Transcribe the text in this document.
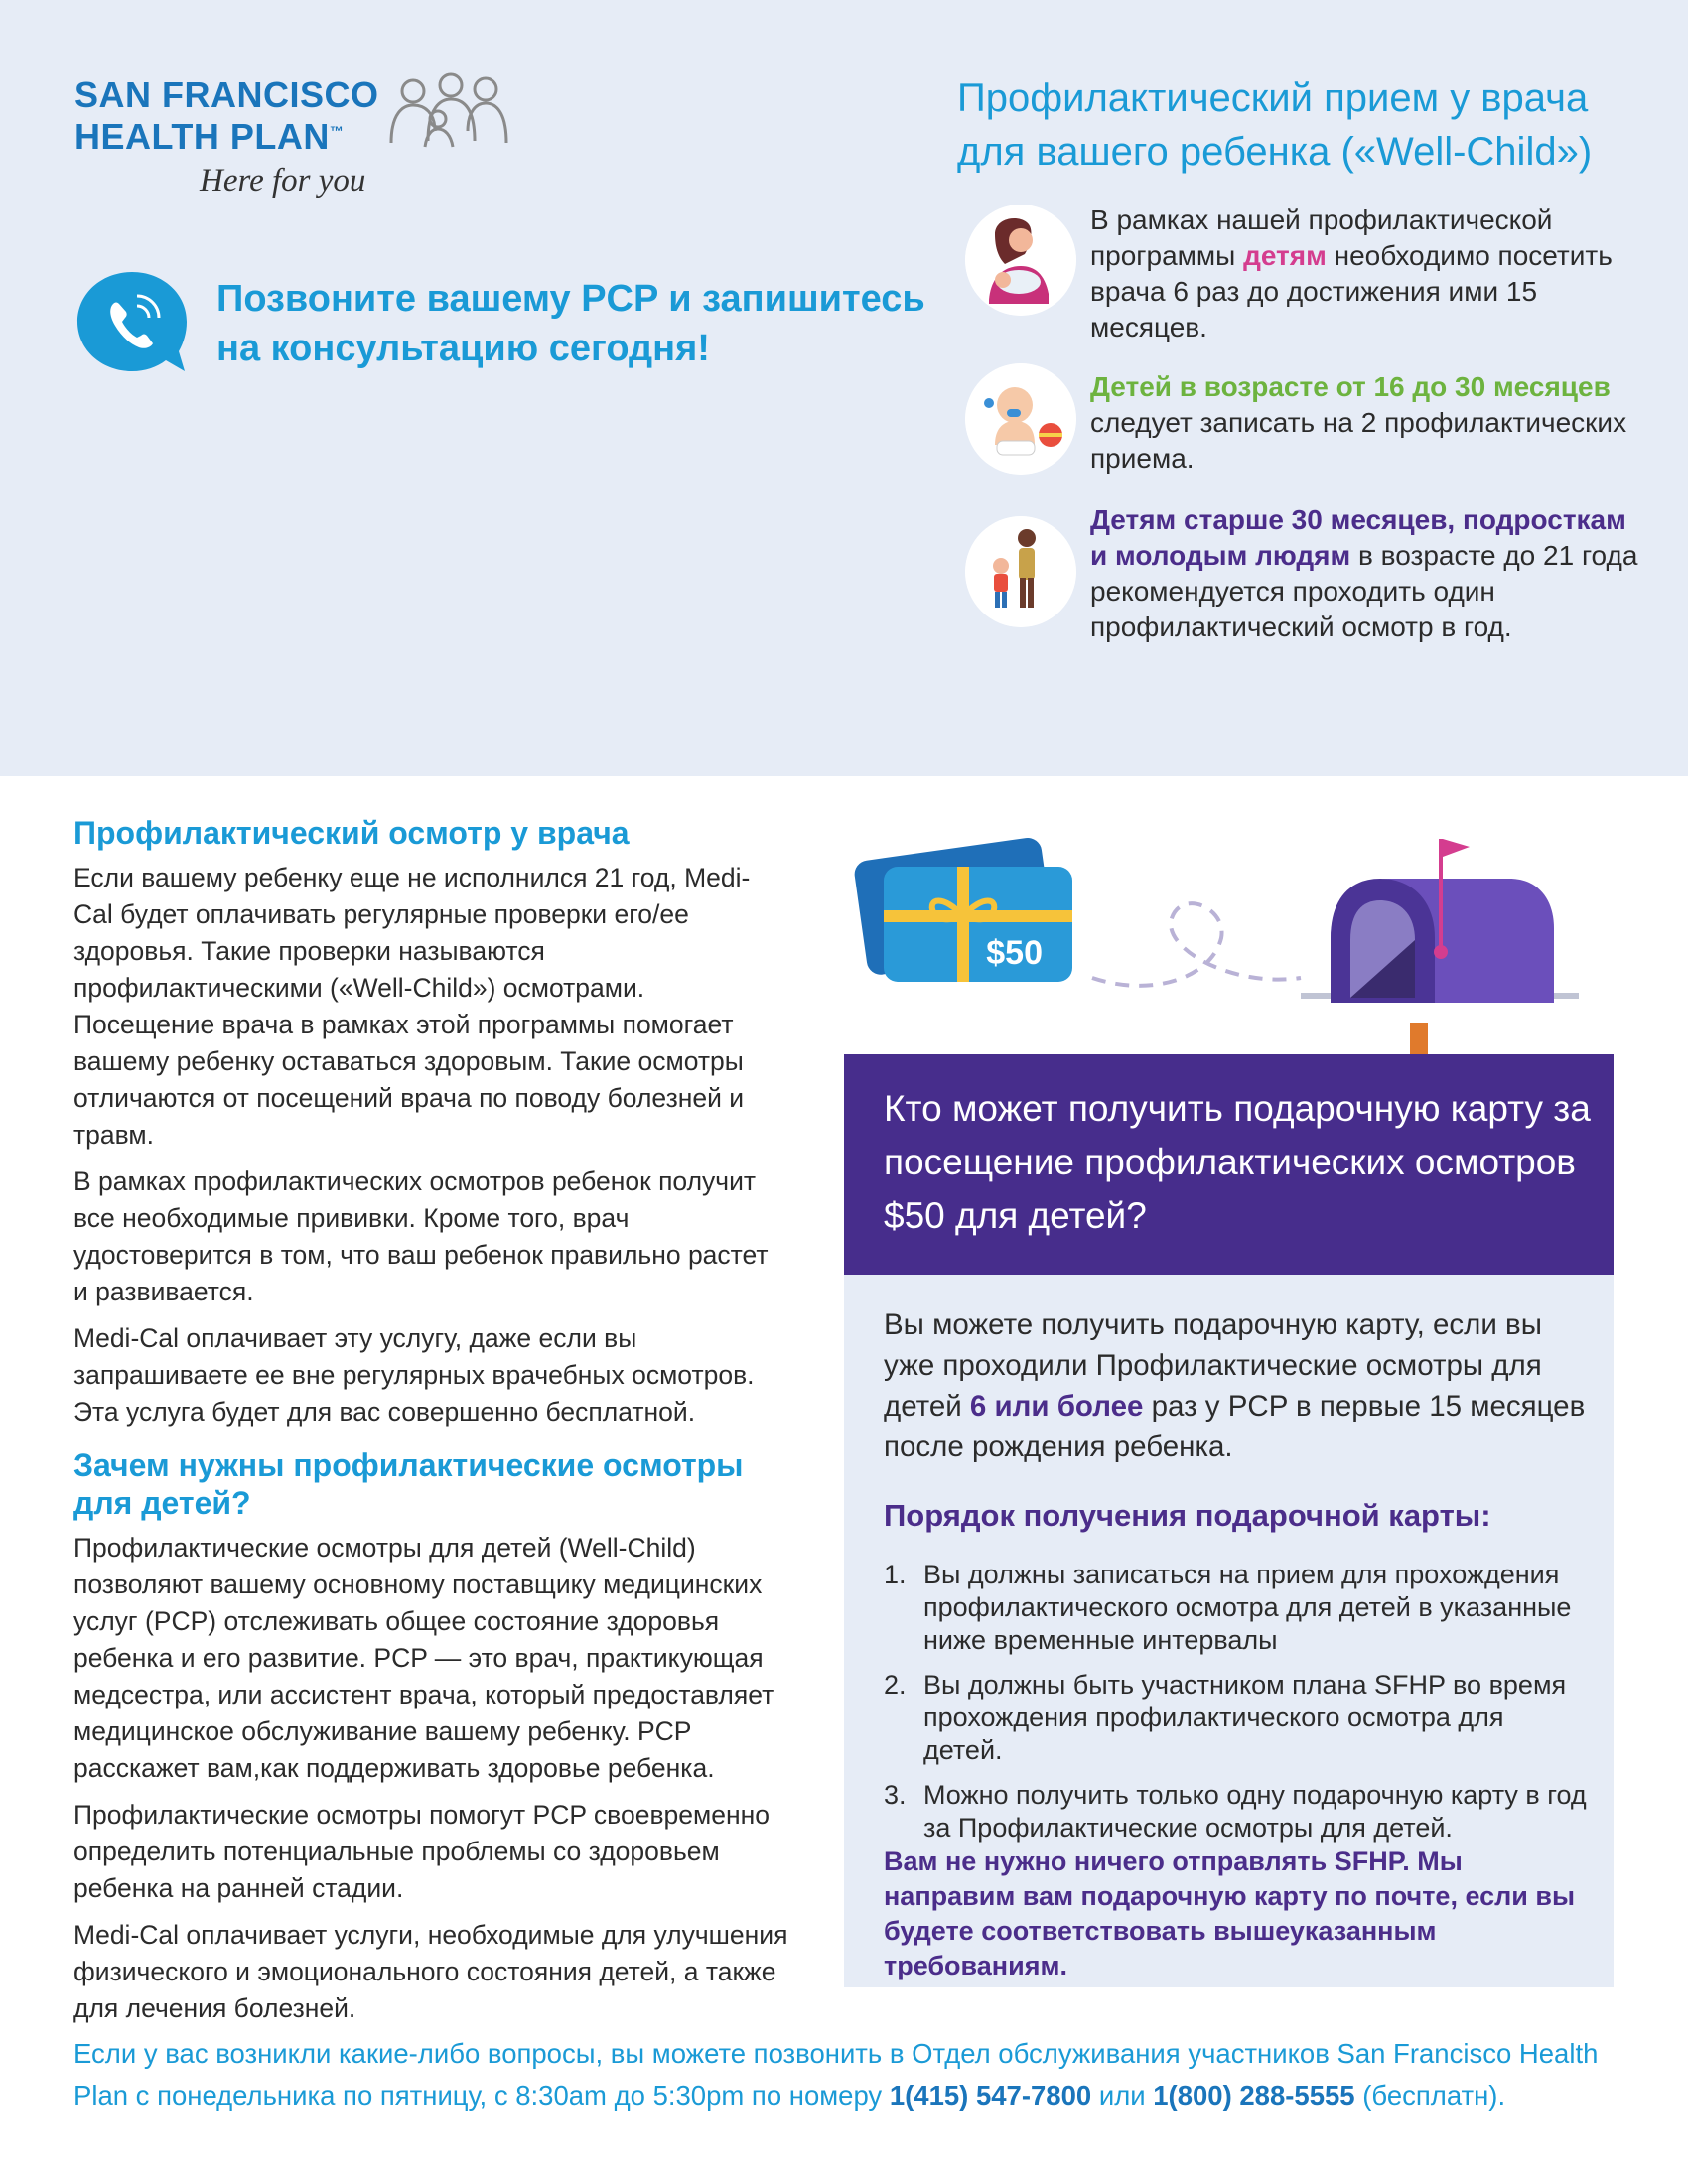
SAN FRANCISCO
HEALTH PLAN™
Here for you
Позвоните вашему PCP и запишитесь на консультацию сегодня!
Профилактический прием у врача для вашего ребенка («Well-Child»)
В рамках нашей профилактической программы детям необходимо посетить врача 6 раз до достижения ими 15 месяцев.
Детей в возрасте от 16 до 30 месяцев следует записать на 2 профилактических приема.
Детям старше 30 месяцев, подросткам и молодым людям в возрасте до 21 года рекомендуется проходить один профилактический осмотр в год.
Профилактический осмотр у врача
Если вашему ребенку еще не исполнился 21 год, Medi-Cal будет оплачивать регулярные проверки его/ее здоровья. Такие проверки называются профилактическими («Well-Child») осмотрами. Посещение врача в рамках этой программы помогает вашему ребенку оставаться здоровым. Такие осмотры отличаются от посещений врача по поводу болезней и травм.
В рамках профилактических осмотров ребенок получит все необходимые прививки. Кроме того, врач удостоверится в том, что ваш ребенок правильно растет и развивается.
Medi-Cal оплачивает эту услугу, даже если вы запрашиваете ее вне регулярных врачебных осмотров. Эта услуга будет для вас совершенно бесплатной.
Зачем нужны профилактические осмотры для детей?
Профилактические осмотры для детей (Well-Child) позволяют вашему основному поставщику медицинских услуг (PCP) отслеживать общее состояние здоровья ребенка и его развитие. PCP — это врач, практикующая медсестра, или ассистент врача, который предоставляет медицинское обслуживание вашему ребенку. PCP расскажет вам,как поддерживать здоровье ребенка.
Профилактические осмотры помогут PCP своевременно определить потенциальные проблемы со здоровьем ребенка на ранней стадии.
Medi-Cal оплачивает услуги, необходимые для улучшения физического и эмоционального состояния детей, а также для лечения болезней.
$50
Кто может получить подарочную карту за посещение профилактических осмотров $50 для детей?
Вы можете получить подарочную карту, если вы уже проходили Профилактические осмотры для детей 6 или более раз у PCP в первые 15 месяцев после рождения ребенка.
Порядок получения подарочной карты:
1. Вы должны записаться на прием для прохождения профилактического осмотра для детей в указанные ниже временные интервалы
2. Вы должны быть участником плана SFHP во время прохождения профилактического осмотра для детей.
3. Можно получить только одну подарочную карту в год за Профилактические осмотры для детей.
Вам не нужно ничего отправлять SFHP. Мы направим вам подарочную карту по почте, если вы будете соответствовать вышеуказанным требованиям.
Если у вас возникли какие-либо вопросы, вы можете позвонить в Отдел обслуживания участников San Francisco Health Plan с понедельника по пятницу, с 8:30am до 5:30pm по номеру 1(415) 547-7800 или 1(800) 288-5555 (бесплатн).
